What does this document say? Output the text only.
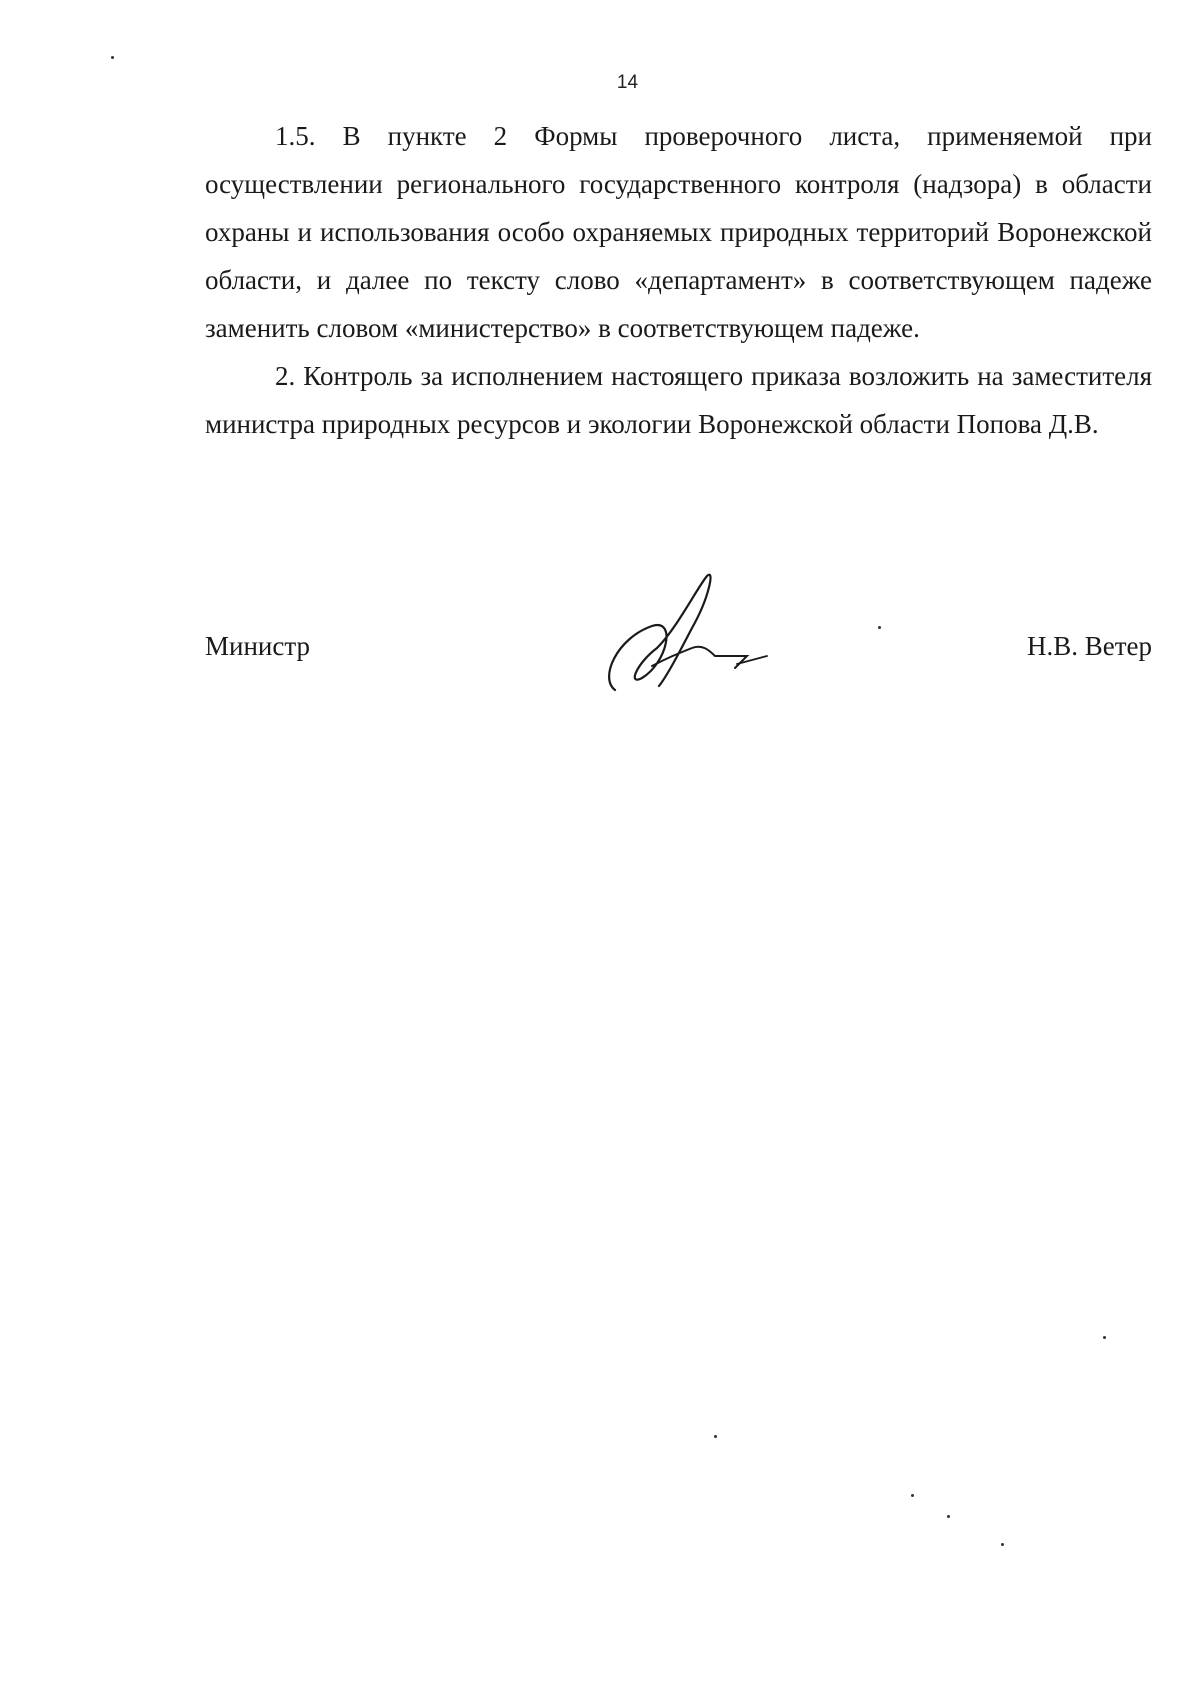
14

1.5. В пункте 2 Формы проверочного листа, применяемой при осуществлении регионального государственного контроля (надзора) в области охраны и использования особо охраняемых природных территорий Воронежской области, и далее по тексту слово «департамент» в соответствующем падеже заменить словом «министерство» в соответствующем падеже.

2. Контроль за исполнением настоящего приказа возложить на заместителя министра природных ресурсов и экологии Воронежской области Попова Д.В.

Министр	Н.В. Ветер
